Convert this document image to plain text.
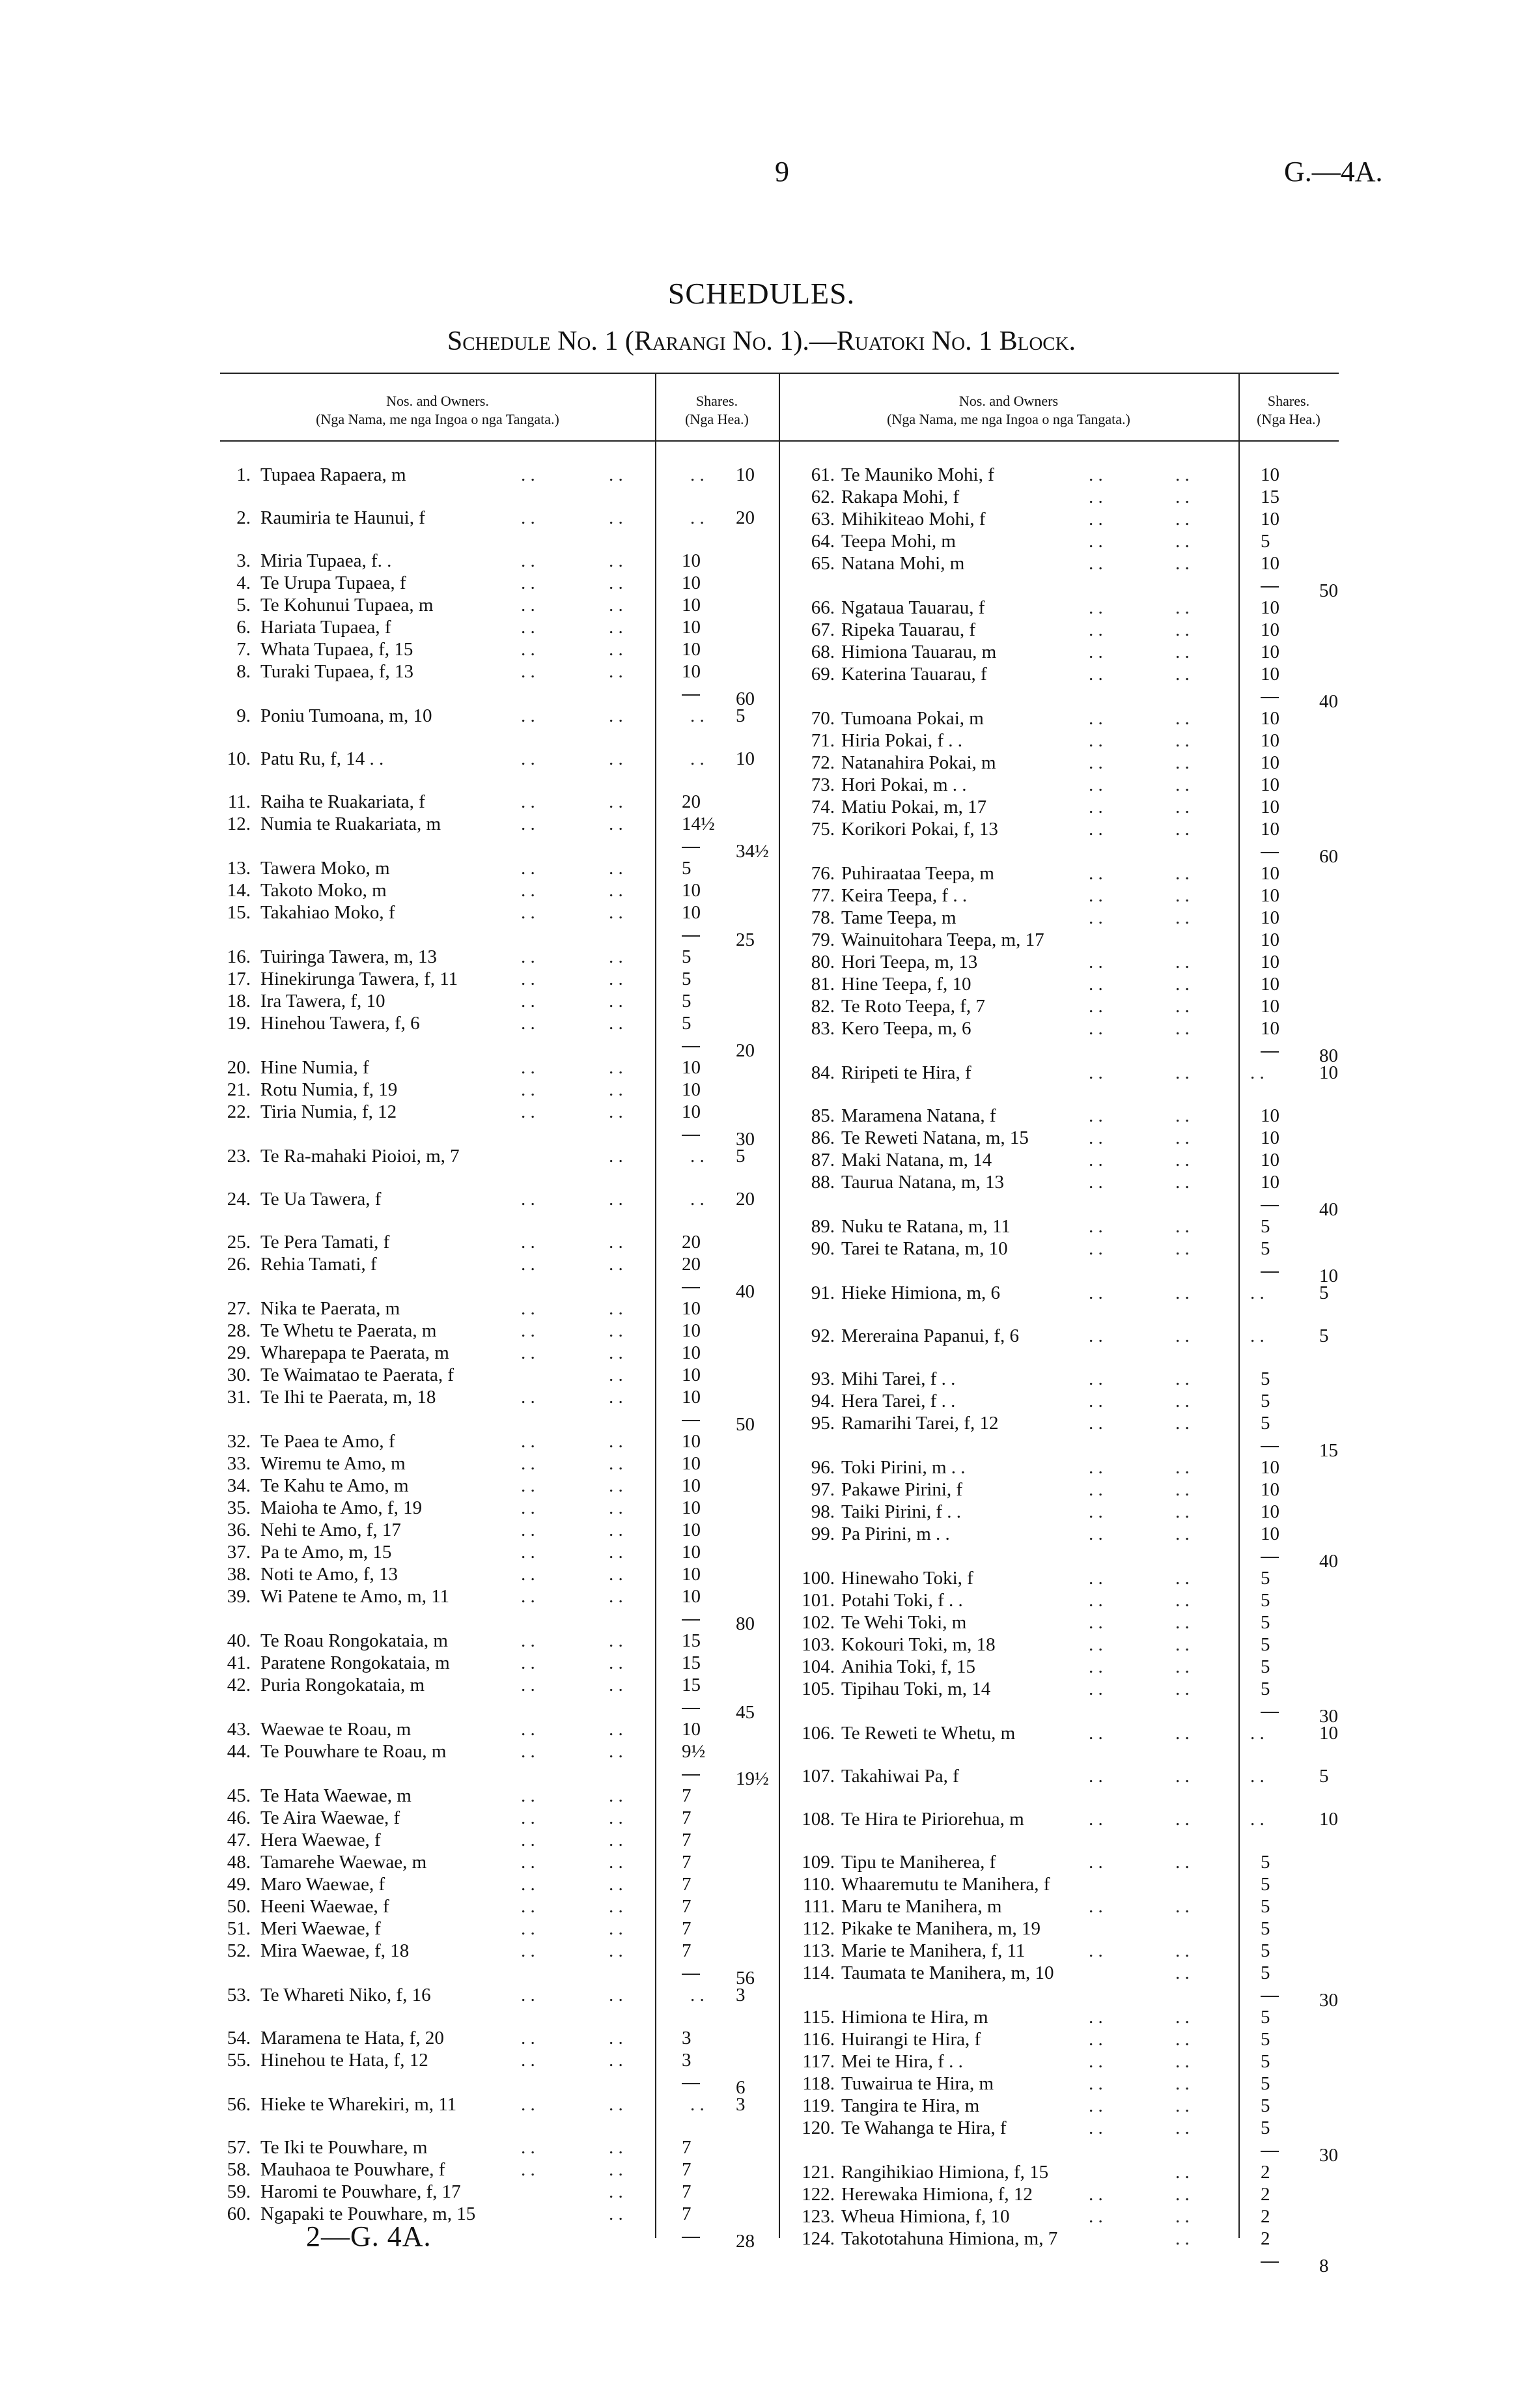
9	G.—4A.
SCHEDULES.
Schedule No. 1 (Rarangi No. 1).—Ruatoki No. 1 Block.
Nos. and Owners.
(Nga Nama, me nga Ingoa o nga Tangata.)
Shares.
(Nga Hea.)
Nos. and Owners
(Nga Nama, me nga Ingoa o nga Tangata.)
Shares.
(Nga Hea.)
1. Tupaea Rapaera, m	. .	. .	. . 10
2. Raumiria te Haunui, f	. .	. .	. . 20
3. Miria Tupaea, f. .	. .	. .	10
4. Te Urupa Tupaea, f	. .	. .	10
5. Te Kohunui Tupaea, m	. .	. .	10
6. Hariata Tupaea, f	. .	. .	10
7. Whata Tupaea, f, 15	. .	. .	10
8. Turaki Tupaea, f, 13	. .	. .	10
60
9. Poniu Tumoana, m, 10	. .	. .	. . 5
10. Patu Ru, f, 14 . .	. .	. .	. . 10
11. Raiha te Ruakariata, f	. .	. .	20
12. Numia te Ruakariata, m	. .	. .	14½
34½
13. Tawera Moko, m	. .	. .	5
14. Takoto Moko, m	. .	. .	10
15. Takahiao Moko, f	. .	. .	10
25
16. Tuiringa Tawera, m, 13	. .	. .	5
17. Hinekirunga Tawera, f, 11	. .	. .	5
18. Ira Tawera, f, 10	. .	. .	5
19. Hinehou Tawera, f, 6	. .	. .	5
20
20. Hine Numia, f	. .	. .	10
21. Rotu Numia, f, 19	. .	. .	10
22. Tiria Numia, f, 12	. .	. .	10
30
23. Te Ra-mahaki Pioioi, m, 7	. .	. . 5
24. Te Ua Tawera, f	. .	. .	. . 20
25. Te Pera Tamati, f	. .	. .	20
26. Rehia Tamati, f	. .	. .	20
40
27. Nika te Paerata, m	. .	. .	10
28. Te Whetu te Paerata, m	. .	. .	10
29. Wharepapa te Paerata, m	. .	. .	10
30. Te Waimatao te Paerata, f	. .	10
31. Te Ihi te Paerata, m, 18	. .	. .	10
50
32. Te Paea te Amo, f	. .	. .	10
33. Wiremu te Amo, m	. .	. .	10
34. Te Kahu te Amo, m	. .	. .	10
35. Maioha te Amo, f, 19	. .	. .	10
36. Nehi te Amo, f, 17	. .	. .	10
37. Pa te Amo, m, 15	. .	. .	10
38. Noti te Amo, f, 13	. .	. .	10
39. Wi Patene te Amo, m, 11	. .	. .	10
80
40. Te Roau Rongokataia, m	. .	. .	15
41. Paratene Rongokataia, m	. .	. .	15
42. Puria Rongokataia, m	. .	. .	15
45
43. Waewae te Roau, m	. .	. .	10
44. Te Pouwhare te Roau, m	. .	. .	9½
19½
45. Te Hata Waewae, m	. .	. .	7
46. Te Aira Waewae, f	. .	. .	7
47. Hera Waewae, f	. .	. .	7
48. Tamarehe Waewae, m	. .	. .	7
49. Maro Waewae, f	. .	. .	7
50. Heeni Waewae, f	. .	. .	7
51. Meri Waewae, f	. .	. .	7
52. Mira Waewae, f, 18	. .	. .	7
56
53. Te Whareti Niko, f, 16	. .	. .	. . 3
54. Maramena te Hata, f, 20	. .	. .	3
55. Hinehou te Hata, f, 12	. .	. .	3
6
56. Hieke te Wharekiri, m, 11	. .	. .	. . 3
57. Te Iki te Pouwhare, m	. .	. .	7
58. Mauhaoa te Pouwhare, f	. .	. .	7
59. Haromi te Pouwhare, f, 17	. .	7
60. Ngapaki te Pouwhare, m, 15	. .	7
28
61. Te Mauniko Mohi, f	. .	. .	10
62. Rakapa Mohi, f	. .	. .	15
63. Mihikiteao Mohi, f	. .	. .	10
64. Teepa Mohi, m	. .	. .	5
65. Natana Mohi, m	. .	. .	10
50
66. Ngataua Tauarau, f	. .	. .	10
67. Ripeka Tauarau, f	. .	. .	10
68. Himiona Tauarau, m	. .	. .	10
69. Katerina Tauarau, f	. .	. .	10
40
70. Tumoana Pokai, m	. .	. .	10
71. Hiria Pokai, f . .	. .	. .	10
72. Natanahira Pokai, m	. .	. .	10
73. Hori Pokai, m . .	. .	. .	10
74. Matiu Pokai, m, 17	. .	. .	10
75. Korikori Pokai, f, 13	. .	. .	10
60
76. Puhiraataa Teepa, m	. .	. .	10
77. Keira Teepa, f . .	. .	. .	10
78. Tame Teepa, m	. .	. .	10
79. Wainuitohara Teepa, m, 17	10
80. Hori Teepa, m, 13	. .	. .	10
81. Hine Teepa, f, 10	. .	. .	10
82. Te Roto Teepa, f, 7	. .	. .	10
83. Kero Teepa, m, 6	. .	. .	10
80
84. Riripeti te Hira, f	. .	. .	. .	10
85. Maramena Natana, f	. .	. .	10
86. Te Reweti Natana, m, 15	. .	. .	10
87. Maki Natana, m, 14	. .	. .	10
88. Taurua Natana, m, 13	. .	. .	10
40
89. Nuku te Ratana, m, 11	. .	. .	5
90. Tarei te Ratana, m, 10	. .	. .	5
10
91. Hieke Himiona, m, 6	. .	. .	. .	5
92. Mereraina Papanui, f, 6	. .	. .	. .	5
93. Mihi Tarei, f . .	. .	. .	5
94. Hera Tarei, f . .	. .	. .	5
95. Ramarihi Tarei, f, 12	. .	. .	5
15
96. Toki Pirini, m . .	. .	. .	10
97. Pakawe Pirini, f	. .	. .	10
98. Taiki Pirini, f . .	. .	. .	10
99. Pa Pirini, m . .	. .	. .	10
40
100. Hinewaho Toki, f	. .	. .	5
101. Potahi Toki, f . .	. .	. .	5
102. Te Wehi Toki, m	. .	. .	5
103. Kokouri Toki, m, 18	. .	. .	5
104. Anihia Toki, f, 15	. .	. .	5
105. Tipihau Toki, m, 14	. .	. .	5
30
106. Te Reweti te Whetu, m	. .	. .	. .	10
107. Takahiwai Pa, f	. .	. .	. .	5
108. Te Hira te Piriorehua, m	. .	. .	. .	10
109. Tipu te Maniherea, f	. .	. .	5
110. Whaaremutu te Manihera, f	5
111. Maru te Manihera, m	. .	. .	5
112. Pikake te Manihera, m, 19	5
113. Marie te Manihera, f, 11	. .	. .	5
114. Taumata te Manihera, m, 10	. .	5
30
115. Himiona te Hira, m	. .	. .	5
116. Huirangi te Hira, f	. .	. .	5
117. Mei te Hira, f . .	. .	. .	5
118. Tuwairua te Hira, m	. .	. .	5
119. Tangira te Hira, m	. .	. .	5
120. Te Wahanga te Hira, f	. .	. .	5
30
121. Rangihikiao Himiona, f, 15	. .	2
122. Herewaka Himiona, f, 12	. .	. .	2
123. Wheua Himiona, f, 10	. .	. .	2
124. Takototahuna Himiona, m, 7	. .	2
8
2—G. 4A.
